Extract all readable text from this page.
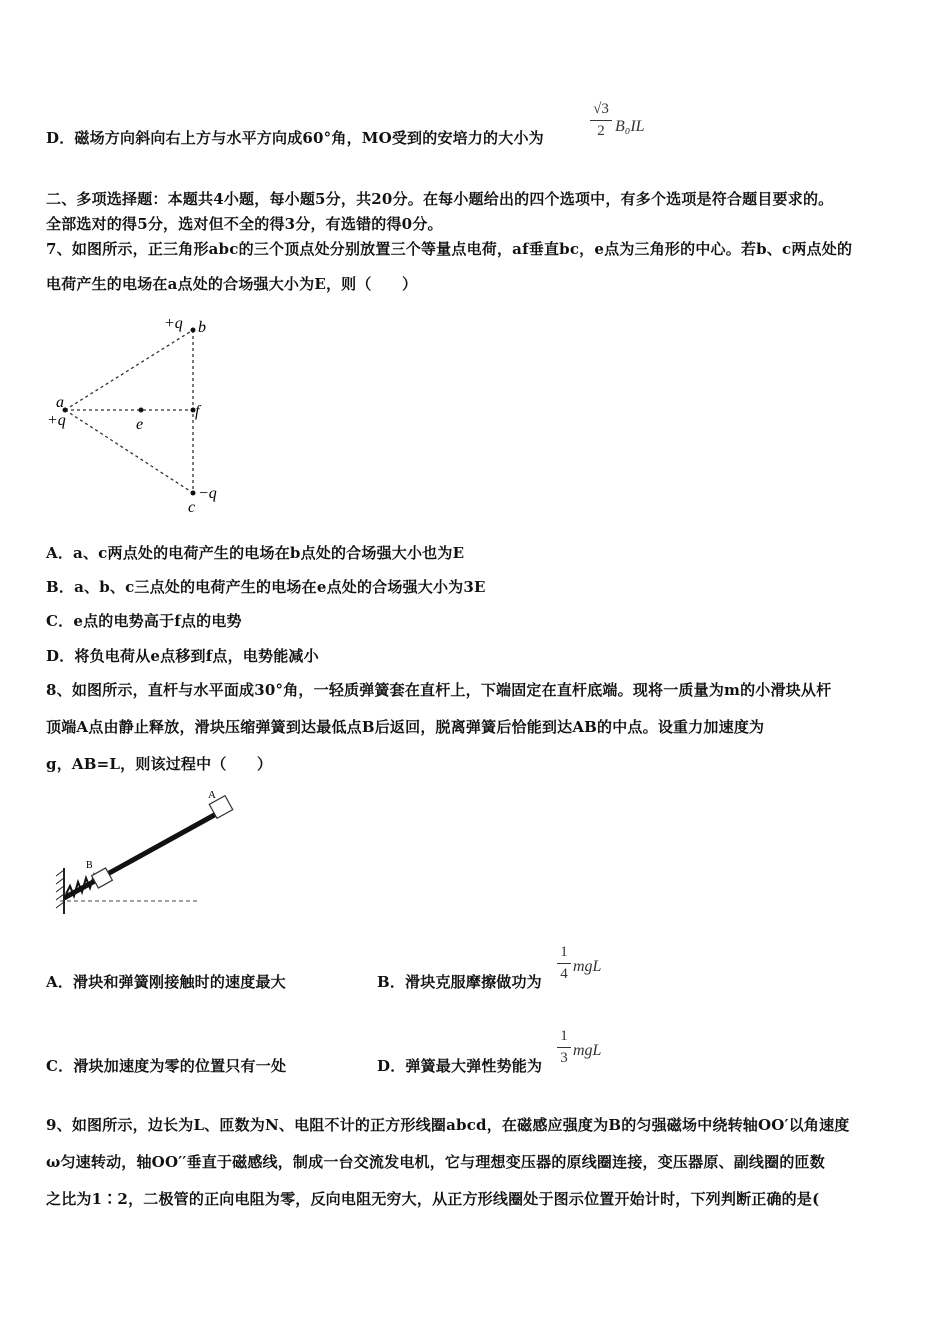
D．磁场方向斜向右上方与水平方向成60°角，MO受到的安培力的大小为
√3
2 B₀IL
二、多项选择题：本题共4小题，每小题5分，共20分。在每小题给出的四个选项中，有多个选项是符合题目要求的。
全部选对的得5分，选对但不全的得3分，有选错的得0分。
7、如图所示，正三角形abc的三个顶点处分别放置三个等量点电荷，af垂直bc，e点为三角形的中心。若b、c两点处的
电荷产生的电场在a点处的合场强大小为E，则（　　）
+q b
a
+q	e
f
−q
c
A．a、c两点处的电荷产生的电场在b点处的合场强大小也为E
B．a、b、c三点处的电荷产生的电场在e点处的合场强大小为3E
C．e点的电势高于f点的电势
D．将负电荷从e点移到f点，电势能减小
8、如图所示，直杆与水平面成30°角，一轻质弹簧套在直杆上，下端固定在直杆底端。现将一质量为m的小滑块从杆
顶端A点由静止释放，滑块压缩弹簧到达最低点B后返回，脱离弹簧后恰能到达AB的中点。设重力加速度为
g，AB=L，则该过程中（　　）
A
B
A．滑块和弹簧刚接触时的速度最大	B．滑块克服摩擦做功为
1
4 mgL
C．滑块加速度为零的位置只有一处	D．弹簧最大弹性势能为
1
3 mgL
9、如图所示，边长为L、匝数为N、电阻不计的正方形线圈abcd，在磁感应强度为B的匀强磁场中绕转轴OO′以角速度
ω匀速转动，轴OO′′垂直于磁感线，制成一台交流发电机，它与理想变压器的原线圈连接，变压器原、副线圈的匝数
之比为1∶2，二极管的正向电阻为零，反向电阻无穷大，从正方形线圈处于图示位置开始计时，下列判断正确的是(
